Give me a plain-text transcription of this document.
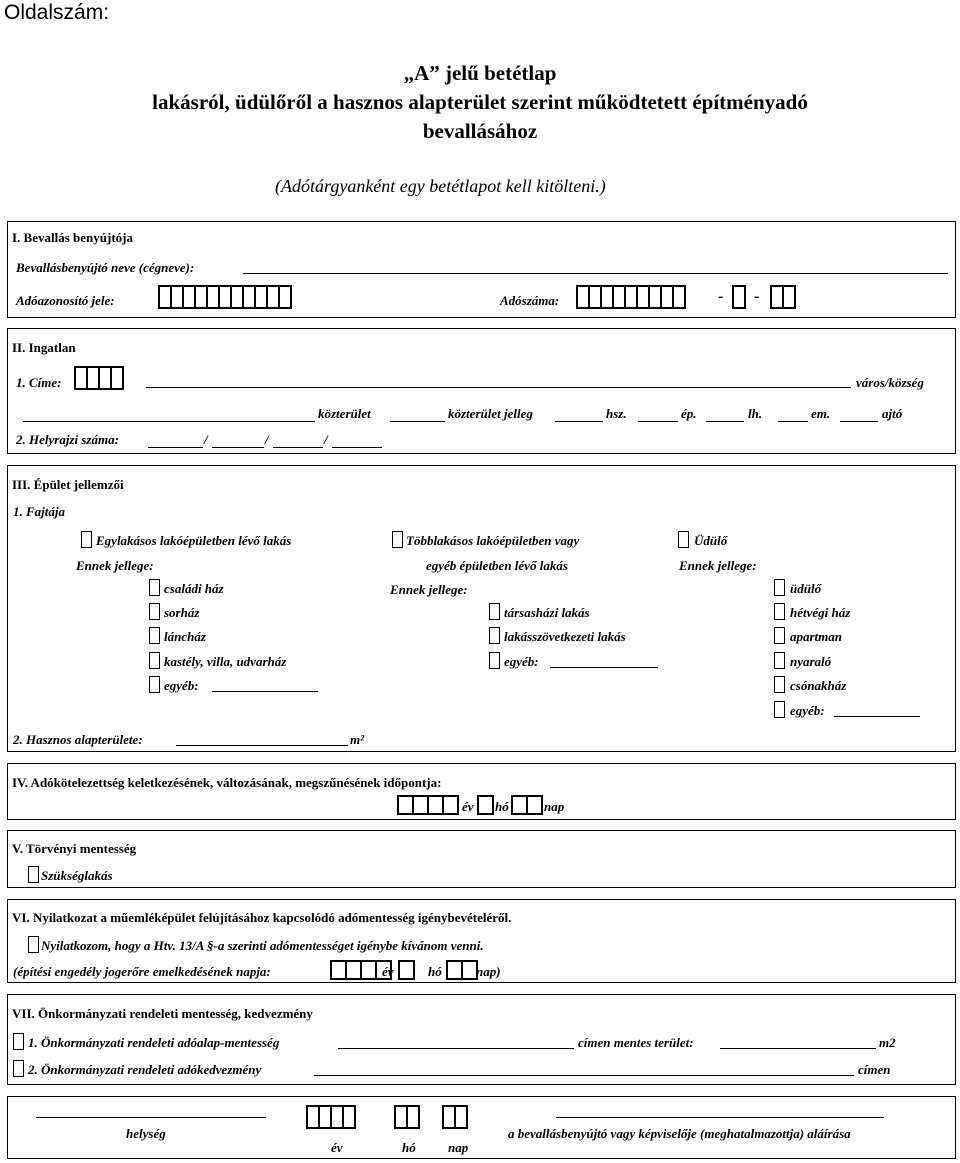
Oldalszám:
„A” jelű betétlap
lakásról, üdülőről a hasznos alapterület szerint működtetett építményadó
bevallásához
(Adótárgyanként egy betétlapot kell kitölteni.)
I. Bevallás benyújtója
Bevallásbenyújtó neve (cégneve):
Adóazonosító jele:	Adószáma:	- -
II. Ingatlan
1. Címe:	város/község
közterület	közterület jelleg	hsz.	ép.	lh.	em.	ajtó
2. Helyrajzi száma:	/	/	/
III. Épület jellemzői
1. Fajtája
Egylakásos lakóépületben lévő lakás
Ennek jellege:
családi ház
sorház
láncház
kastély, villa, udvarház
egyéb:
Többlakásos lakóépületben vagy
egyéb épületben lévő lakás
Ennek jellege:
társasházi lakás
lakásszövetkezeti lakás
egyéb:
Üdülő
Ennek jellege:
üdülő
hétvégi ház
apartman
nyaraló
csónakház
egyéb:
2. Hasznos alapterülete:	m²
IV. Adókötelezettség keletkezésének, változásának, megszűnésének időpontja:
év hó	nap
V. Törvényi mentesség
Szükséglakás
VI. Nyilatkozat a műemléképület felújításához kapcsolódó adómentesség igénybevételéről.
Nyilatkozom, hogy a Htv. 13/A §-a szerinti adómentességet igénybe kívánom venni.
(építési engedély jogerőre emelkedésének napja:	év	hó	nap)
VII. Önkormányzati rendeleti mentesség, kedvezmény
1. Önkormányzati rendeleti adóalap-mentesség	címen mentes terület:	m2
2. Önkormányzati rendeleti adókedvezmény	címen
helység
év	hó nap
a bevallásbenyújtó vagy képviselője (meghatalmazottja) aláírása
